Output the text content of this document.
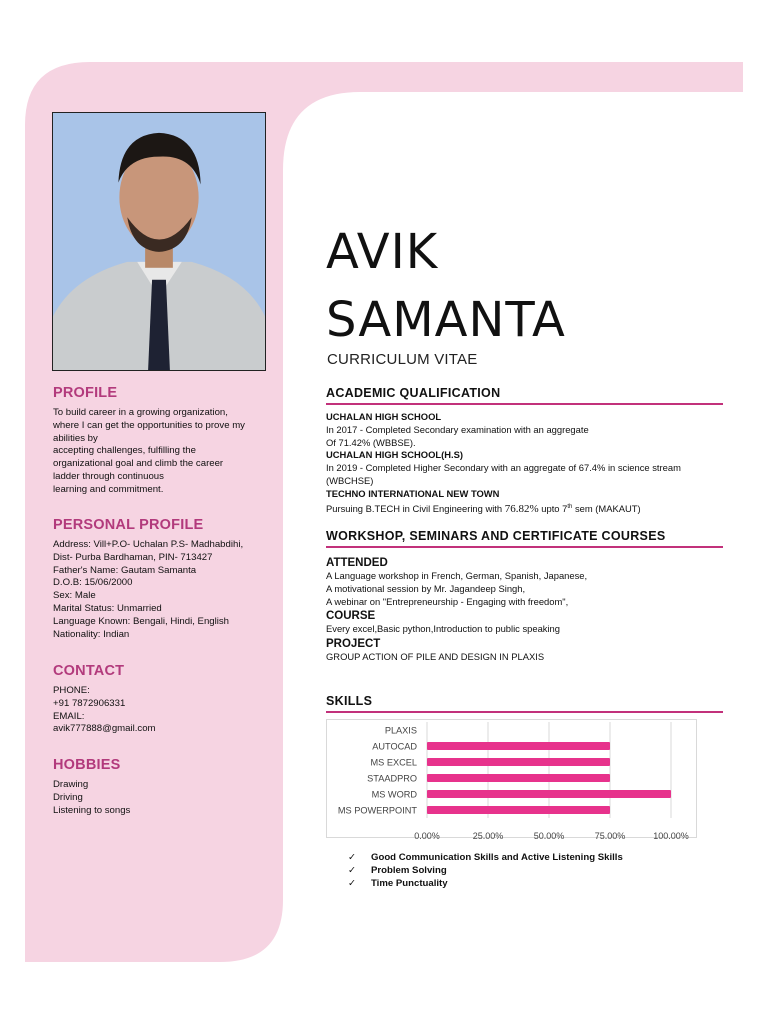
PROFILE

To build career in a growing organization,
where I can get the opportunities to prove my
abilities by
accepting challenges, fulfilling the
organizational goal and climb the career
ladder through continuous
learning and commitment.

PERSONAL PROFILE

Address: Vill+P.O- Uchalan P.S- Madhabdihi,
Dist- Purba Bardhaman, PIN- 713427
Father's Name: Gautam Samanta
D.O.B: 15/06/2000
Sex: Male
Marital Status: Unmarried
Language Known: Bengali, Hindi, English
Nationality: Indian

CONTACT

PHONE:
+91 7872906331
EMAIL:
avik777888@gmail.com

HOBBIES

Drawing
Driving
Listening to songs

AVIK
SAMANTA
CURRICULUM VITAE
ACADEMIC QUALIFICATION
UCHALAN HIGH SCHOOL
In 2017 - Completed Secondary examination with an aggregate
Of 71.42% (WBBSE).
UCHALAN HIGH SCHOOL(H.S)
In 2019 - Completed Higher Secondary with an aggregate of 67.4% in science stream
(WBCHSE)
TECHNO INTERNATIONAL NEW TOWN
Pursuing B.TECH in Civil Engineering with 76.82% upto 7th sem (MAKAUT)
WORKSHOP, SEMINARS AND CERTIFICATE COURSES
ATTENDED
A Language workshop in French, German, Spanish, Japanese,
A motivational session by Mr. Jagandeep Singh,
A webinar on "Entrepreneurship - Engaging with freedom",
COURSE
Every excel,Basic python,Introduction to public speaking
PROJECT
GROUP ACTION OF PILE AND DESIGN IN PLAXIS
SKILLS
0.00%	25.00%	50.00%	75.00%	100.00%
PLAXIS
AUTOCAD
MS EXCEL
STAADPRO
MS WORD
MS POWERPOINT
✓	Good Communication Skills and Active Listening Skills
✓	Problem Solving
✓	Time Punctuality
